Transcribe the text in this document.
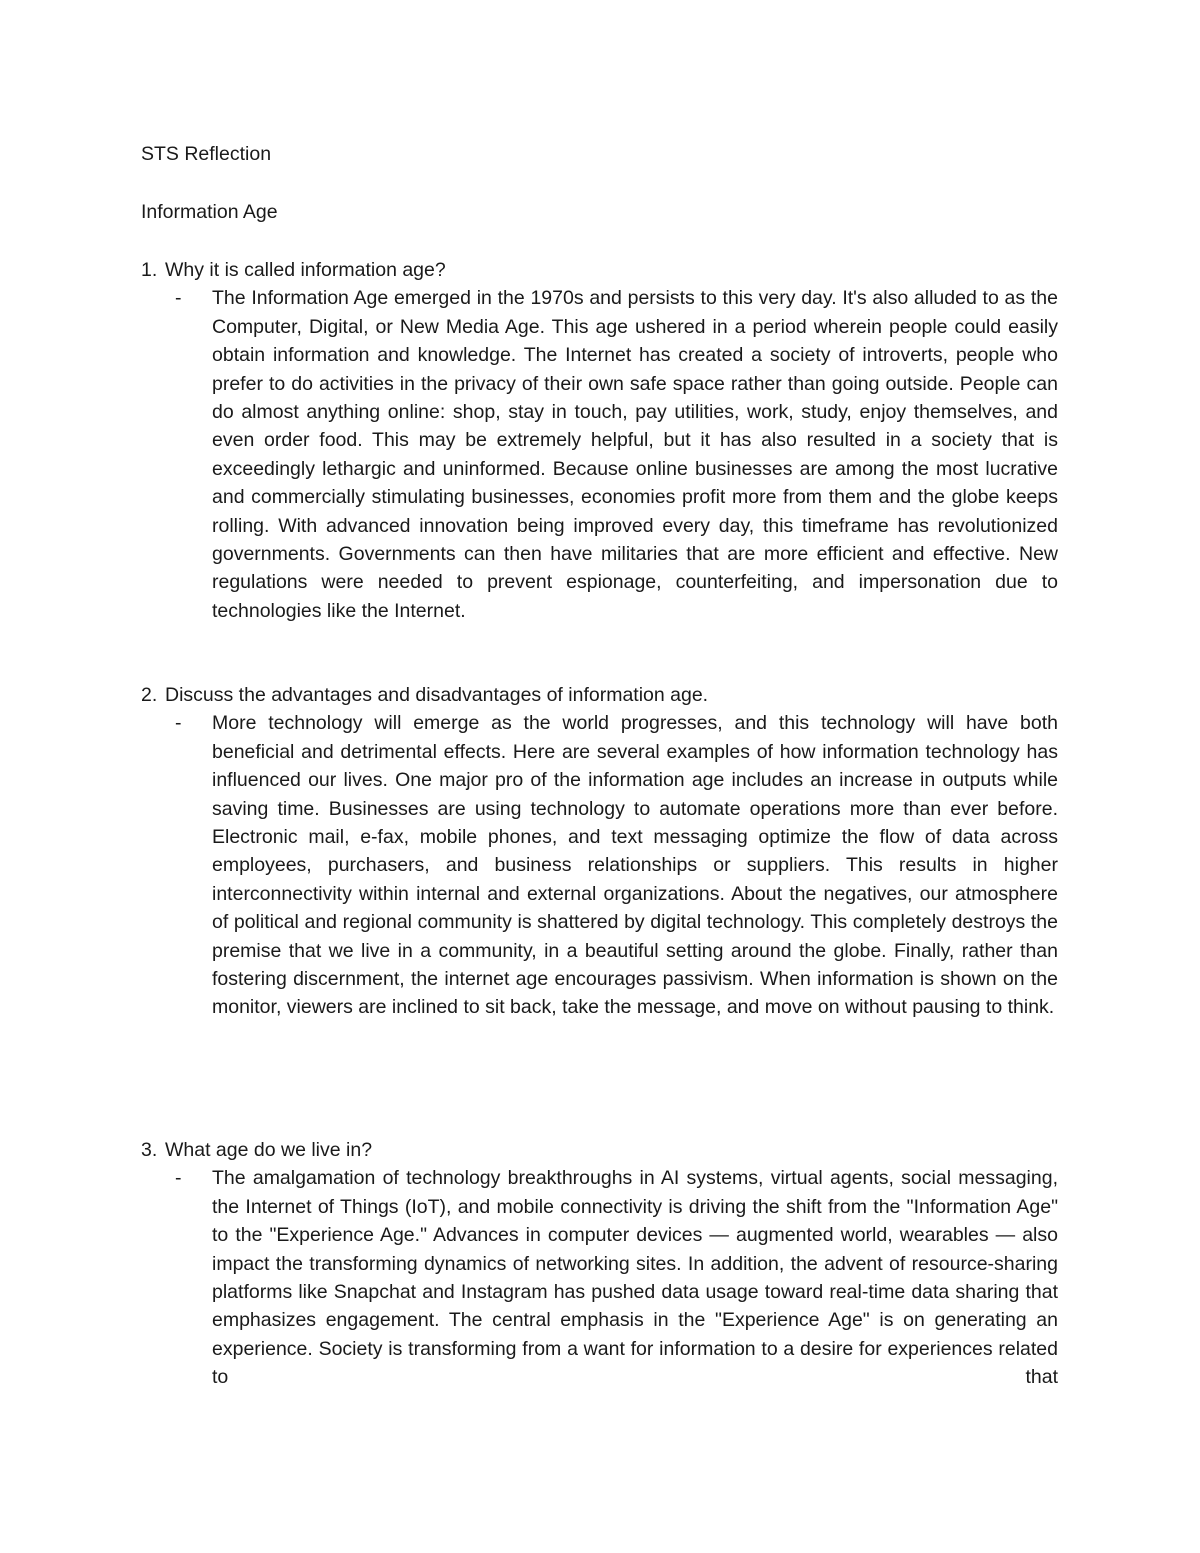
STS Reflection
Information Age

1. Why it is called information age?

- The Information Age emerged in the 1970s and persists to this very day. It's also alluded to as the Computer, Digital, or New Media Age. This age ushered in a period wherein people could easily obtain information and knowledge. The Internet has created a society of introverts, people who prefer to do activities in the privacy of their own safe space rather than going outside. People can do almost anything online: shop, stay in touch, pay utilities, work, study, enjoy themselves, and even order food. This may be extremely helpful, but it has also resulted in a society that is exceedingly lethargic and uninformed. Because online businesses are among the most lucrative and commercially stimulating businesses, economies profit more from them and the globe keeps rolling. With advanced innovation being improved every day, this timeframe has revolutionized governments. Governments can then have militaries that are more efficient and effective. New regulations were needed to prevent espionage, counterfeiting, and impersonation due to technologies like the Internet.

2. Discuss the advantages and disadvantages of information age.

- More technology will emerge as the world progresses, and this technology will have both beneficial and detrimental effects. Here are several examples of how information technology has influenced our lives. One major pro of the information age includes an increase in outputs while saving time. Businesses are using technology to automate operations more than ever before. Electronic mail, e-fax, mobile phones, and text messaging optimize the flow of data across employees, purchasers, and business relationships or suppliers. This results in higher interconnectivity within internal and external organizations. About the negatives, our atmosphere of political and regional community is shattered by digital technology. This completely destroys the premise that we live in a community, in a beautiful setting around the globe. Finally, rather than fostering discernment, the internet age encourages passivism. When information is shown on the monitor, viewers are inclined to sit back, take the message, and move on without pausing to think.

3. What age do we live in?

- The amalgamation of technology breakthroughs in AI systems, virtual agents, social messaging, the Internet of Things (IoT), and mobile connectivity is driving the shift from the "Information Age" to the "Experience Age." Advances in computer devices — augmented world, wearables — also impact the transforming dynamics of networking sites. In addition, the advent of resource-sharing platforms like Snapchat and Instagram has pushed data usage toward real-time data sharing that emphasizes engagement. The central emphasis in the "Experience Age" is on generating an experience. Society is transforming from a want for information to a desire for experiences related to that
